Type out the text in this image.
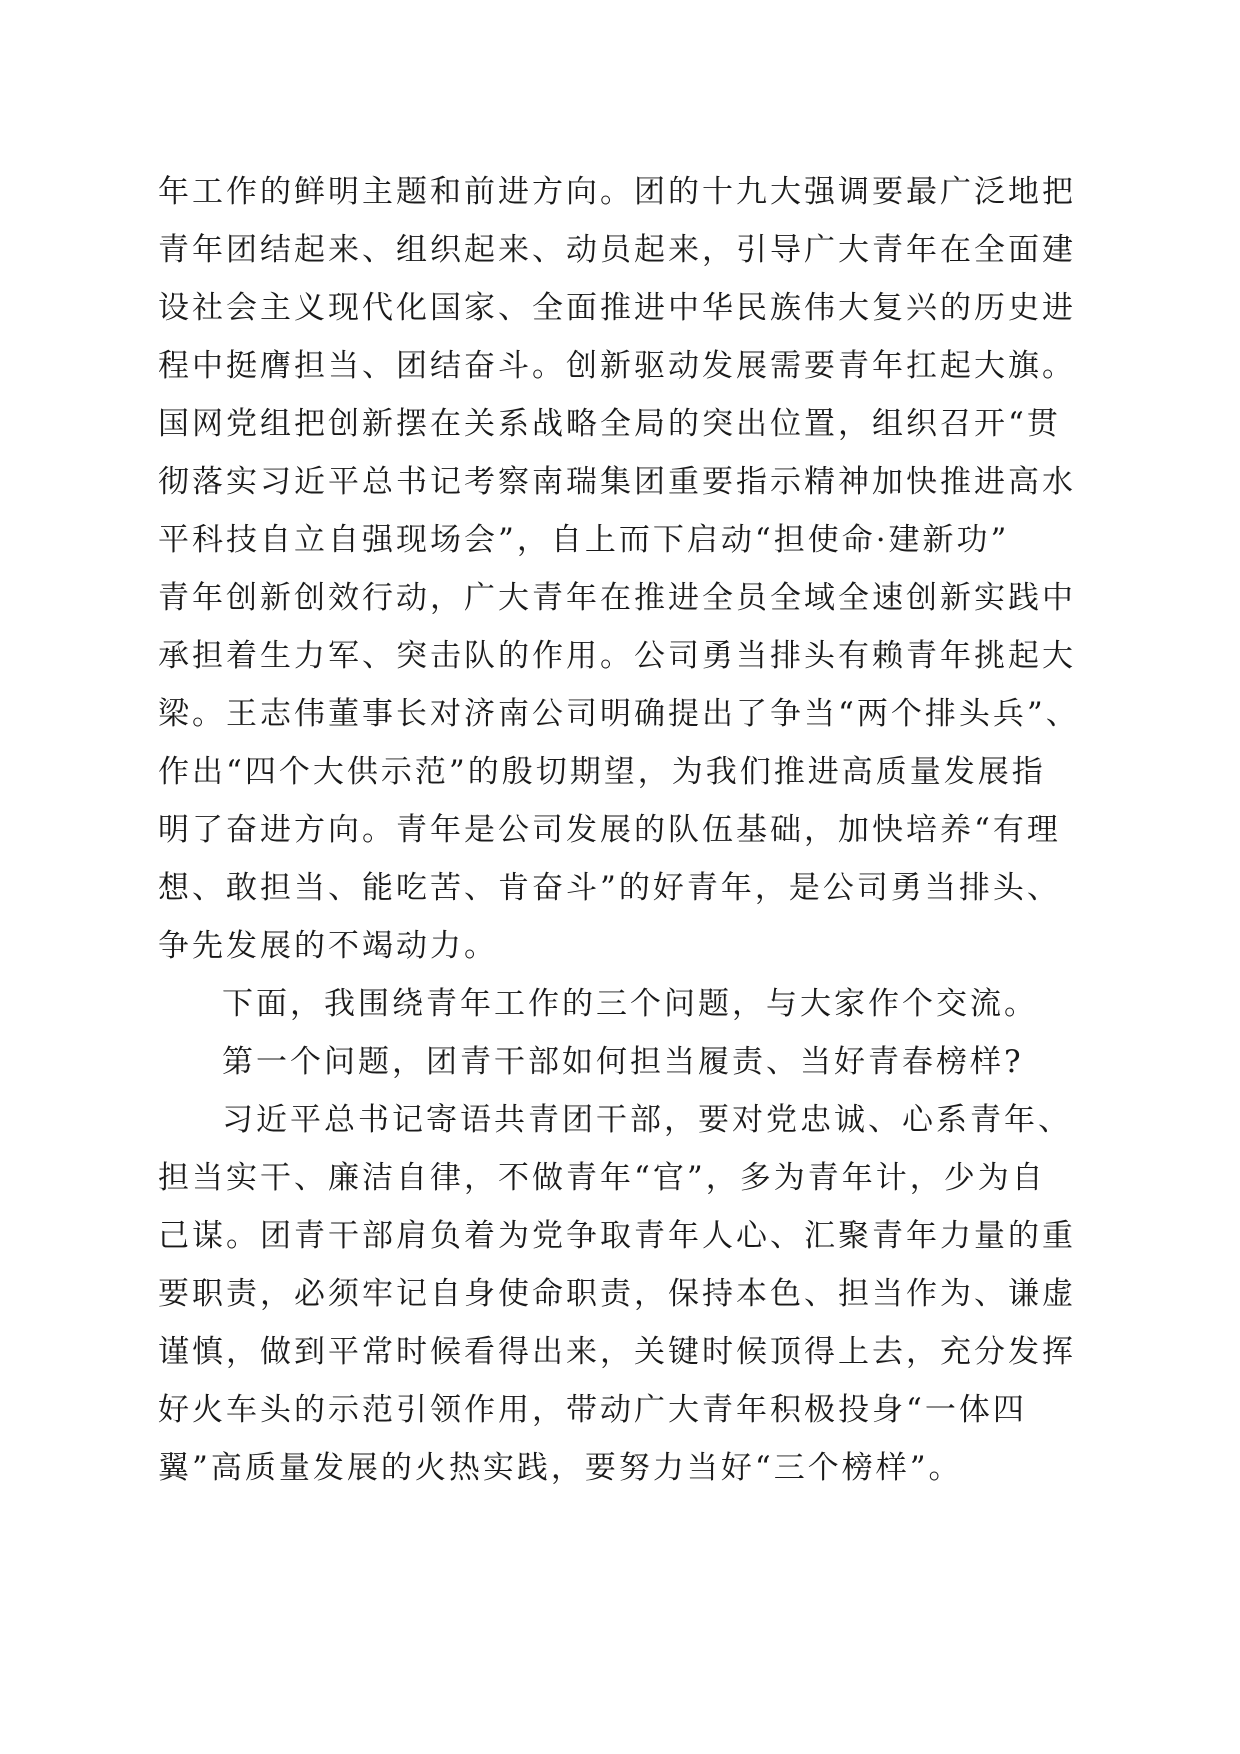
年工作的鲜明主题和前进方向。团的十九大强调要最广泛地把
青年团结起来、组织起来、动员起来，引导广大青年在全面建
设社会主义现代化国家、全面推进中华民族伟大复兴的历史进
程中挺膺担当、团结奋斗。创新驱动发展需要青年扛起大旗。
国网党组把创新摆在关系战略全局的突出位置，组织召开“贯
彻落实习近平总书记考察南瑞集团重要指示精神加快推进高水
平科技自立自强现场会”，自上而下启动“担使命·建新功”
青年创新创效行动，广大青年在推进全员全域全速创新实践中
承担着生力军、突击队的作用。公司勇当排头有赖青年挑起大
梁。王志伟董事长对济南公司明确提出了争当“两个排头兵”、
作出“四个大供示范”的殷切期望，为我们推进高质量发展指
明了奋进方向。青年是公司发展的队伍基础，加快培养“有理
想、敢担当、能吃苦、肯奋斗”的好青年，是公司勇当排头、
争先发展的不竭动力。
下面，我围绕青年工作的三个问题，与大家作个交流。
第一个问题，团青干部如何担当履责、当好青春榜样?
习近平总书记寄语共青团干部，要对党忠诚、心系青年、
担当实干、廉洁自律，不做青年“官”，多为青年计，少为自
己谋。团青干部肩负着为党争取青年人心、汇聚青年力量的重
要职责，必须牢记自身使命职责，保持本色、担当作为、谦虚
谨慎，做到平常时候看得出来，关键时候顶得上去，充分发挥
好火车头的示范引领作用，带动广大青年积极投身“一体四
翼”高质量发展的火热实践，要努力当好“三个榜样”。
